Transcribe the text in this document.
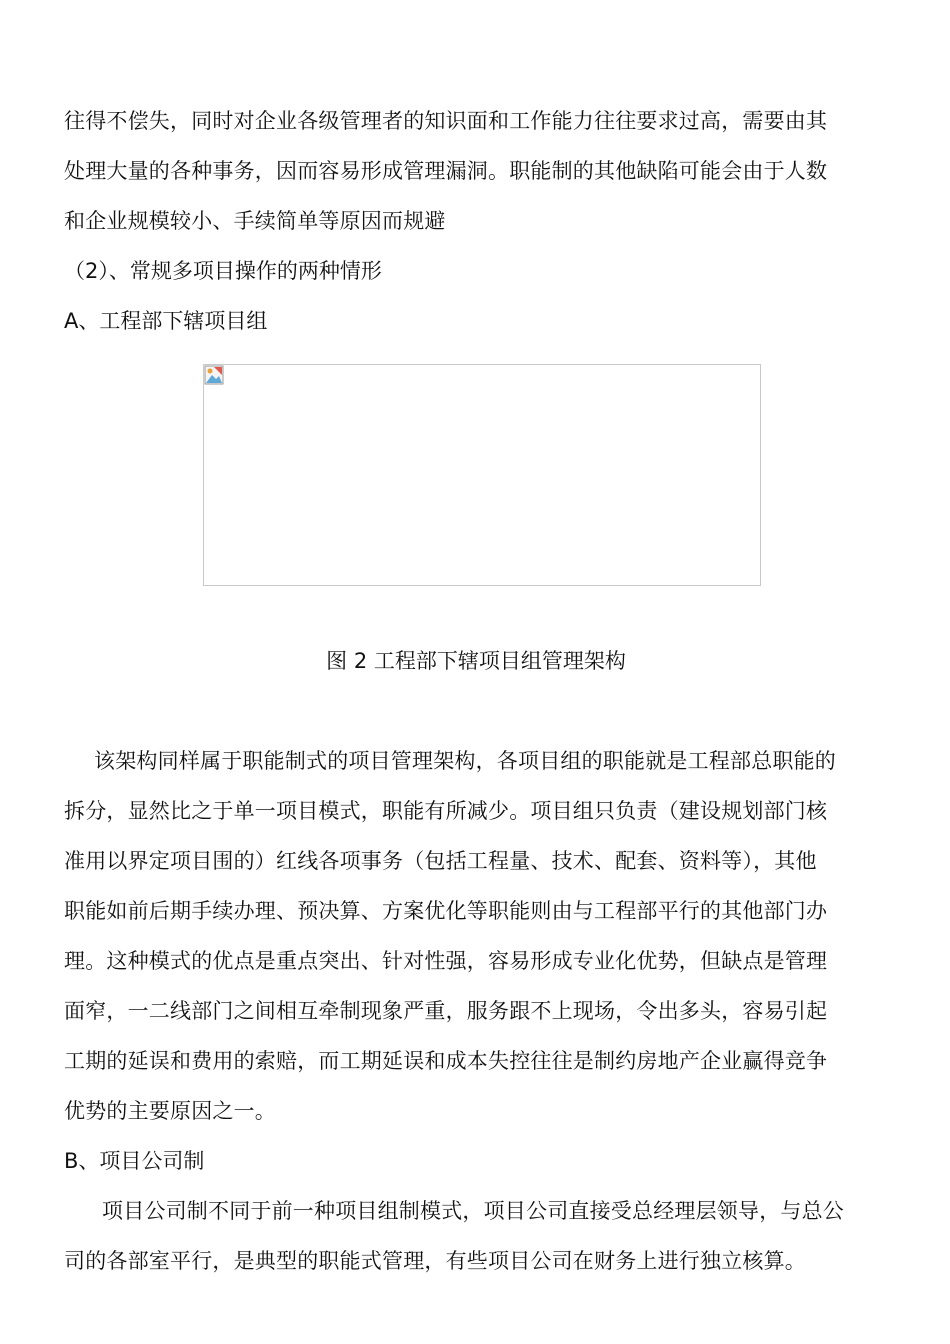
往得不偿失，同时对企业各级管理者的知识面和工作能力往往要求过高，需要由其
处理大量的各种事务，因而容易形成管理漏洞。职能制的其他缺陷可能会由于人数
和企业规模较小、手续简单等原因而规避
（2）、常规多项目操作的两种情形
A、工程部下辖项目组
图 2 工程部下辖项目组管理架构
该架构同样属于职能制式的项目管理架构，各项目组的职能就是工程部总职能的
拆分，显然比之于单一项目模式，职能有所减少。项目组只负责（建设规划部门核
准用以界定项目围的）红线各项事务（包括工程量、技术、配套、资料等），其他
职能如前后期手续办理、预决算、方案优化等职能则由与工程部平行的其他部门办
理。这种模式的优点是重点突出、针对性强，容易形成专业化优势，但缺点是管理
面窄，一二线部门之间相互牵制现象严重，服务跟不上现场，令出多头，容易引起
工期的延误和费用的索赔，而工期延误和成本失控往往是制约房地产企业赢得竞争
优势的主要原因之一。
B、项目公司制
项目公司制不同于前一种项目组制模式，项目公司直接受总经理层领导，与总公
司的各部室平行，是典型的职能式管理，有些项目公司在财务上进行独立核算。
